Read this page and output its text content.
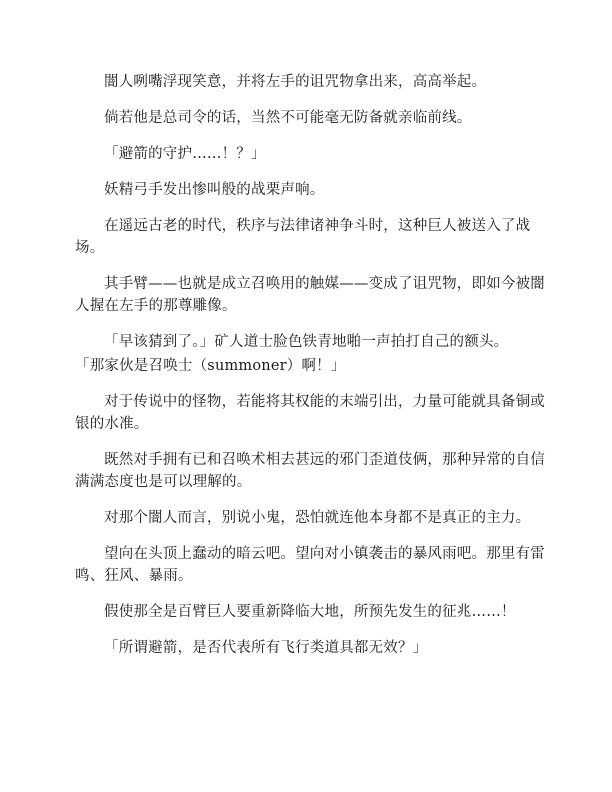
闇人咧嘴浮现笑意，并将左手的诅咒物拿出来，高高举起。

倘若他是总司令的话，当然不可能毫无防备就亲临前线。

「避箭的守护……！？」

妖精弓手发出惨叫般的战栗声响。

在遥远古老的时代，秩序与法律诸神争斗时，这种巨人被送入了战场。

其手臂——也就是成立召唤用的触媒——变成了诅咒物，即如今被闇人握在左手的那尊雕像。

「早该猜到了。」矿人道士脸色铁青地啪一声拍打自己的额头。

「那家伙是召唤士（summoner）啊！」

对于传说中的怪物，若能将其权能的末端引出，力量可能就具备铜或银的水准。

既然对手拥有已和召唤术相去甚远的邪门歪道伎俩，那种异常的自信满满态度也是可以理解的。

对那个闇人而言，别说小鬼，恐怕就连他本身都不是真正的主力。

望向在头顶上蠢动的暗云吧。望向对小镇袭击的暴风雨吧。那里有雷鸣、狂风、暴雨。

假使那全是百臂巨人要重新降临大地，所预先发生的征兆……！

「所谓避箭，是否代表所有飞行类道具都无效？」
